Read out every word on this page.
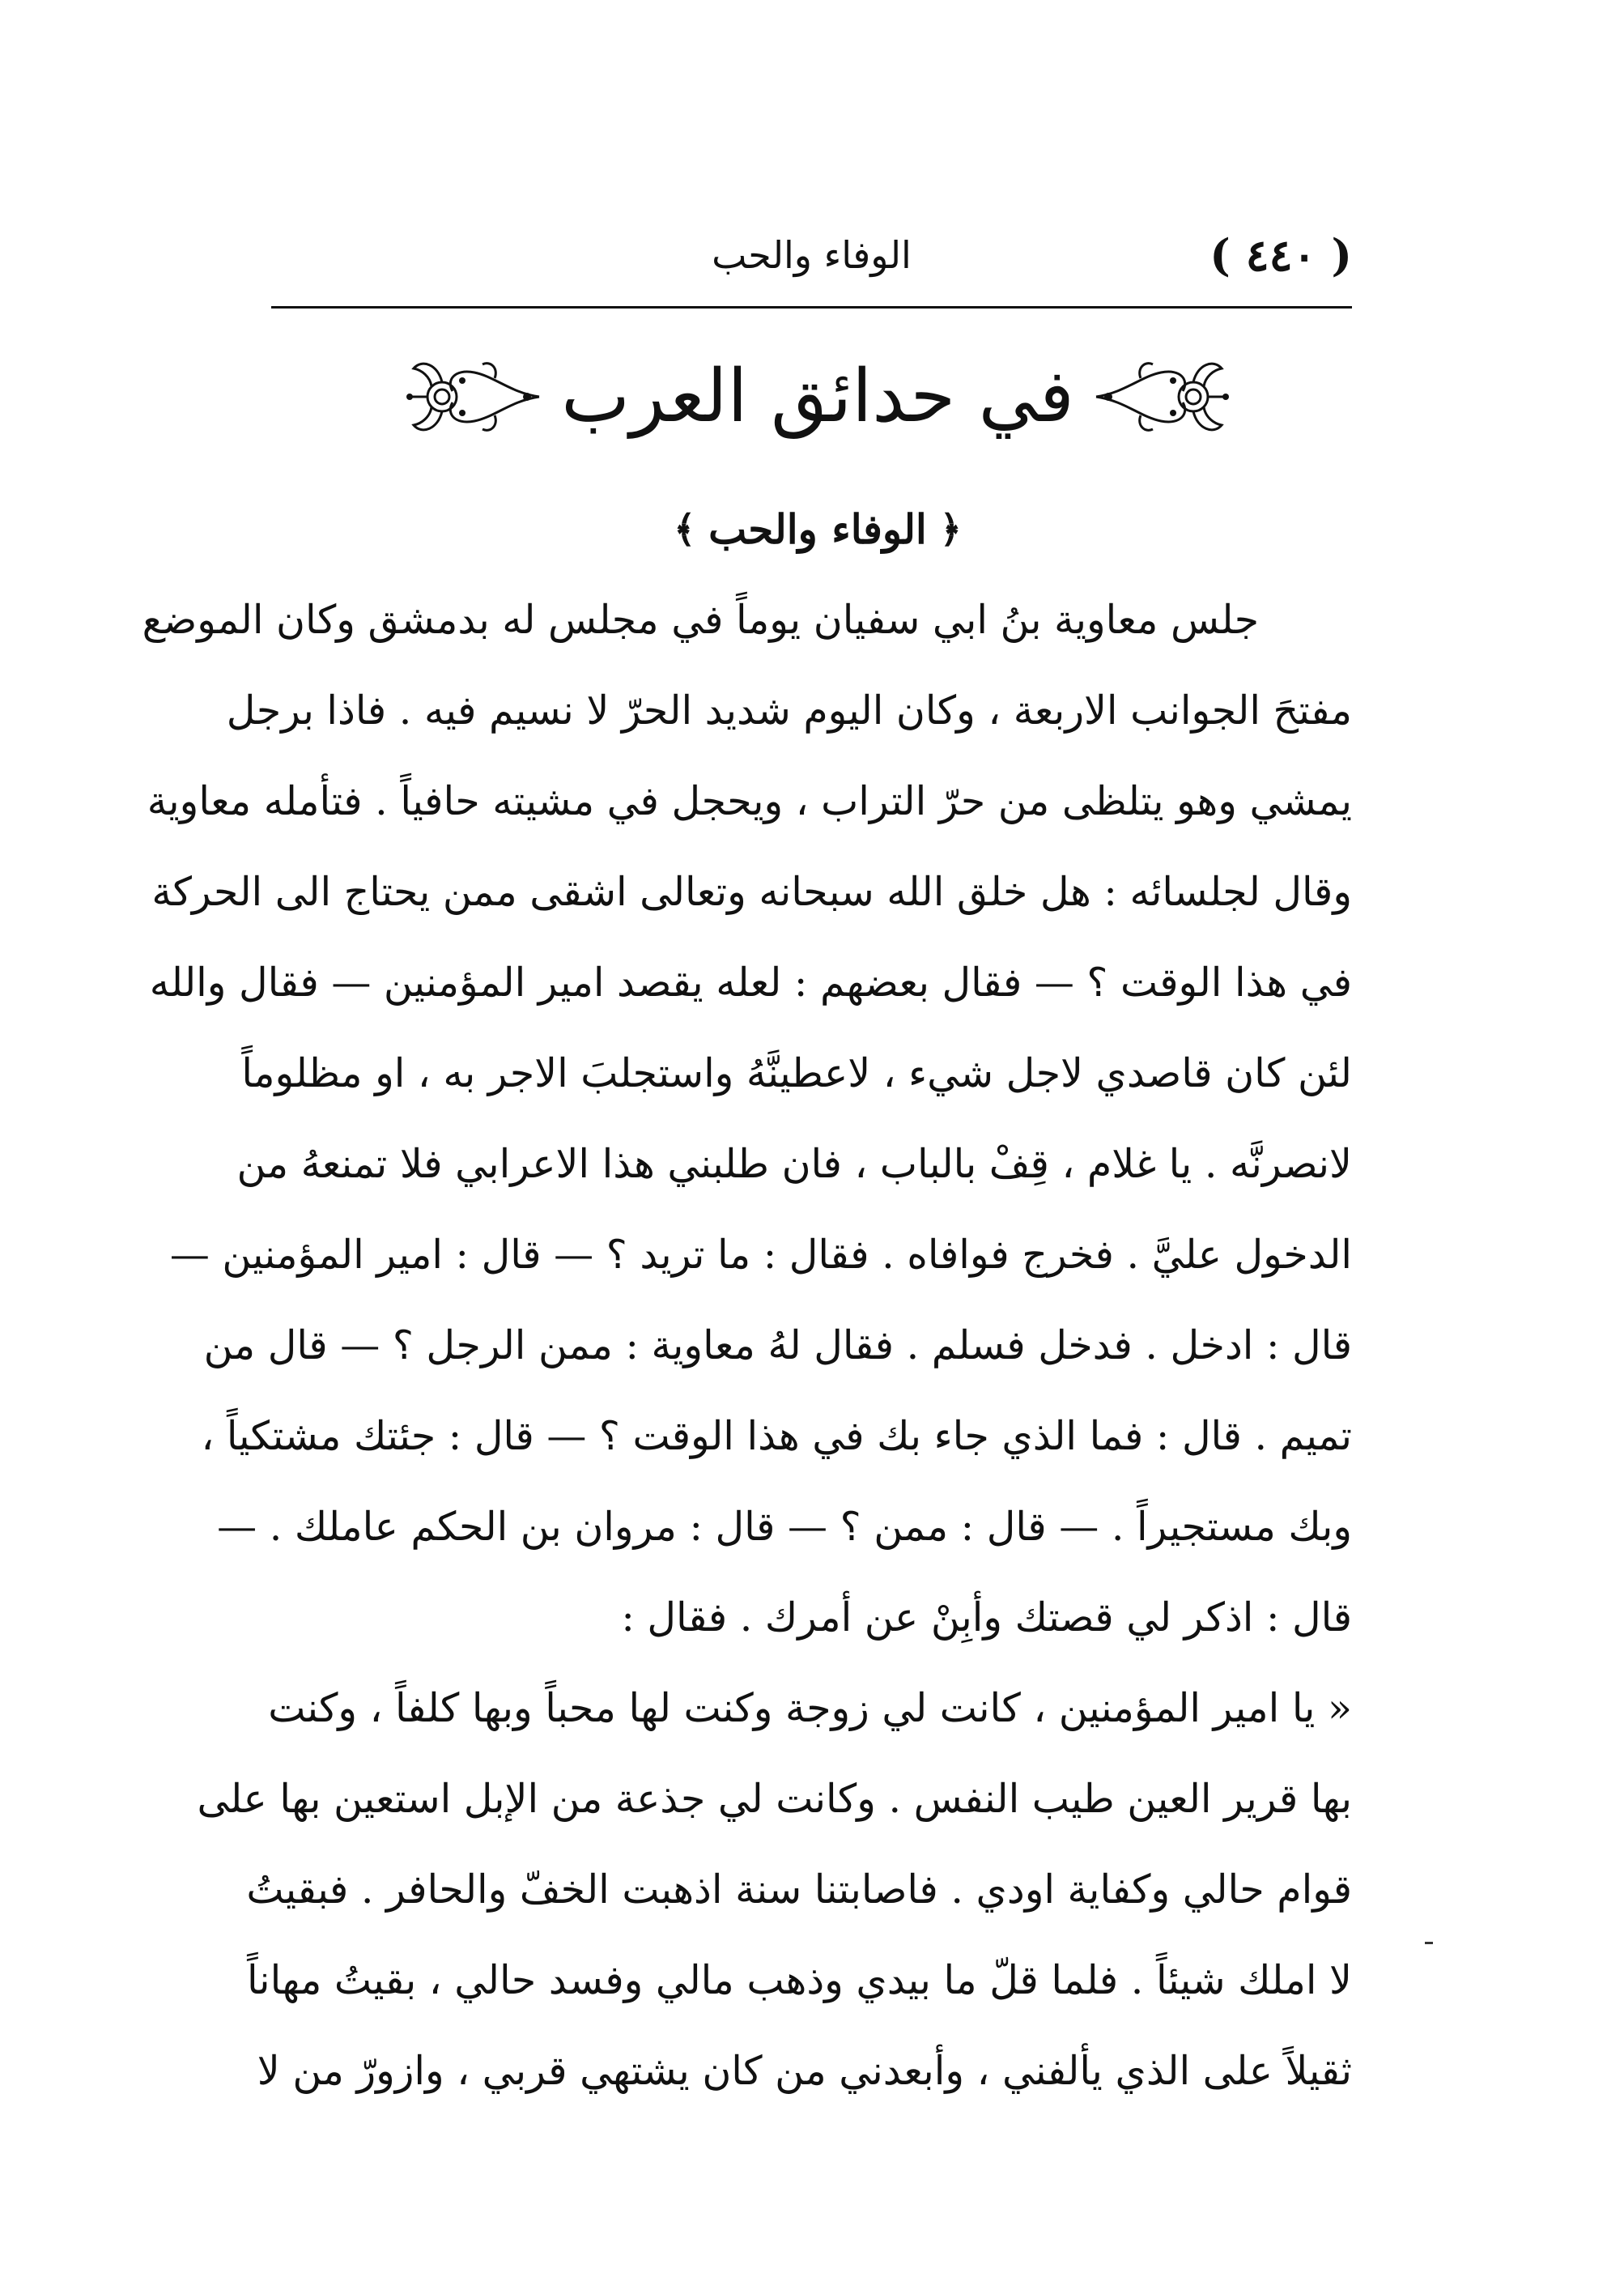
( ٤٤٠ )
الوفاء والحب
في حدائق العرب
﴿
الوفاء والحب
﴾
جلس معاوية بنُ ابي سفيان يوماً في مجلس له بدمشق وكان الموضع
مفتحَ الجوانب الاربعة ، وكان اليوم شديد الحرّ لا نسيم فيه . فاذا برجل
يمشي وهو يتلظى من حرّ التراب ، ويحجل في مشيته حافياً . فتأمله معاوية
وقال لجلسائه : هل خلق الله سبحانه وتعالى اشقى ممن يحتاج الى الحركة
في هذا الوقت ؟ — فقال بعضهم : لعله يقصد امير المؤمنين — فقال والله
لئن كان قاصدي لاجل شيء ، لاعطينَّهُ واستجلبَ الاجر به ، او مظلوماً
لانصرنَّه . يا غلام ، قِفْ بالباب ، فان طلبني هذا الاعرابي فلا تمنعهُ من
الدخول عليَّ . فخرج فوافاه . فقال : ما تريد ؟ — قال : امير المؤمنين —
قال : ادخل . فدخل فسلم . فقال لهُ معاوية : ممن الرجل ؟ — قال من
تميم . قال : فما الذي جاء بك في هذا الوقت ؟ — قال : جئتك مشتكياً ،
وبك مستجيراً . — قال : ممن ؟ — قال : مروان بن الحكم عاملك . —
قال : اذكر لي قصتك وأبِنْ عن أمرك . فقال :
« يا امير المؤمنين ، كانت لي زوجة وكنت لها محباً وبها كلفاً ، وكنت
بها قرير العين طيب النفس . وكانت لي جذعة من الإبل استعين بها على
قوام حالي وكفاية اودي . فاصابتنا سنة اذهبت الخفّ والحافر . فبقيتُ
لا املك شيئاً . فلما قلّ ما بيدي وذهب مالي وفسد حالي ، بقيتُ مهاناً
ثقيلاً على الذي يألفني ، وأبعدني من كان يشتهي قربي ، وازورّ من لا
